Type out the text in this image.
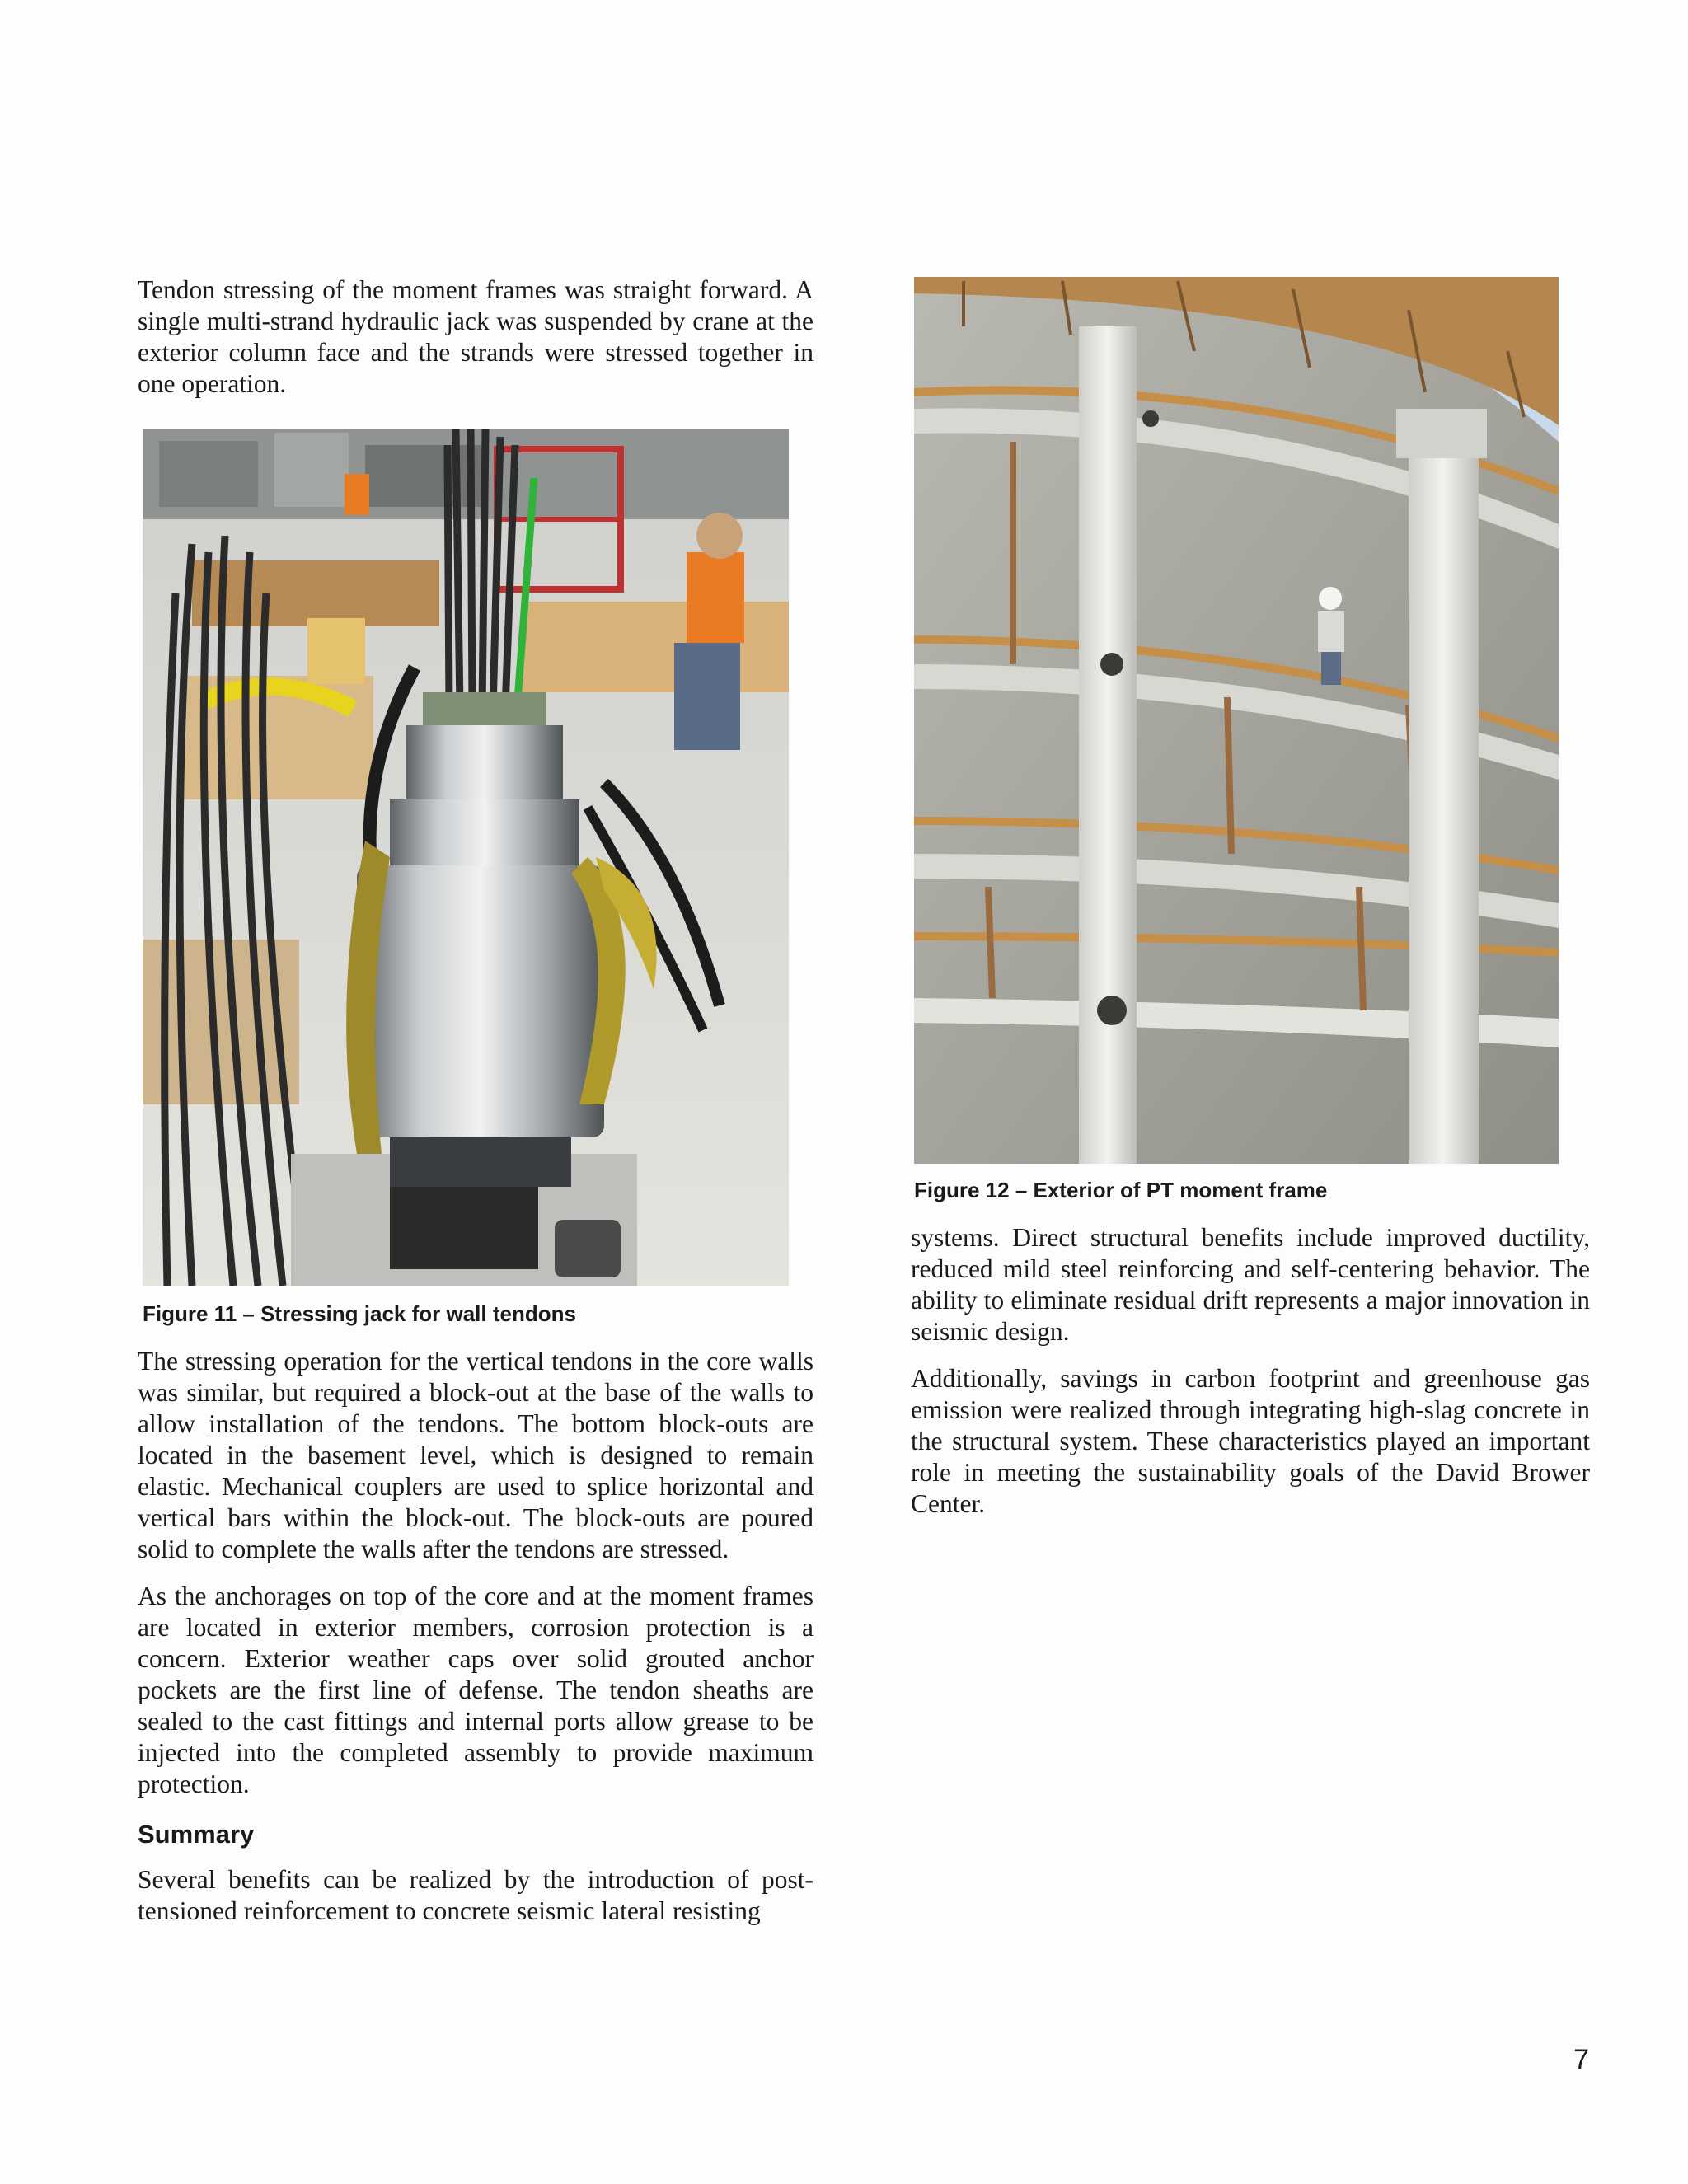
Tendon stressing of the moment frames was straight forward. A single multi-strand hydraulic jack was suspended by crane at the exterior column face and the strands were stressed together in one operation.

Figure 11 – Stressing jack for wall tendons

The stressing operation for the vertical tendons in the core walls was similar, but required a block-out at the base of the walls to allow installation of the tendons. The bottom block-outs are located in the basement level, which is designed to remain elastic. Mechanical couplers are used to splice horizontal and vertical bars within the block-out. The block-outs are poured solid to complete the walls after the tendons are stressed.

As the anchorages on top of the core and at the moment frames are located in exterior members, corrosion protection is a concern. Exterior weather caps over solid grouted anchor pockets are the first line of defense. The tendon sheaths are sealed to the cast fittings and internal ports allow grease to be injected into the completed assembly to provide maximum protection.

Summary

Several benefits can be realized by the introduction of post-tensioned reinforcement to concrete seismic lateral resisting

Figure 12 – Exterior of PT moment frame

systems. Direct structural benefits include improved ductility, reduced mild steel reinforcing and self-centering behavior. The ability to eliminate residual drift represents a major innovation in seismic design.

Additionally, savings in carbon footprint and greenhouse gas emission were realized through integrating high-slag concrete in the structural system. These characteristics played an important role in meeting the sustainability goals of the David Brower Center.

7
